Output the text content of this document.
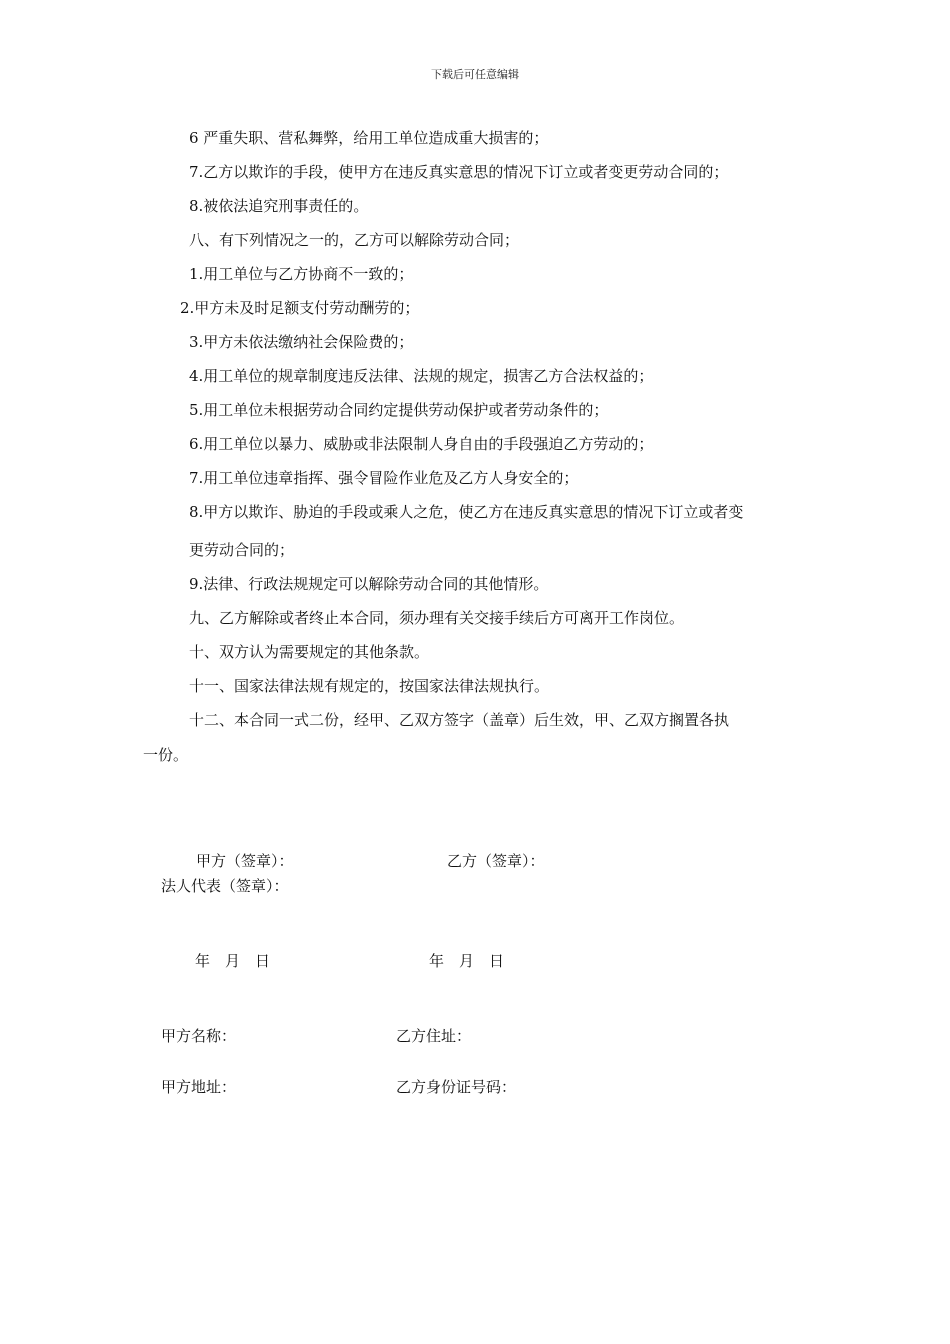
下载后可任意编辑
6 严重失职、营私舞弊，给用工单位造成重大损害的；
7.乙方以欺诈的手段，使甲方在违反真实意思的情况下订立或者变更劳动合同的；
8.被依法追究刑事责任的。
八、有下列情况之一的，乙方可以解除劳动合同；
1.用工单位与乙方协商不一致的；
2.甲方未及时足额支付劳动酬劳的；
3.甲方未依法缴纳社会保险费的；
4.用工单位的规章制度违反法律、法规的规定，损害乙方合法权益的；
5.用工单位未根据劳动合同约定提供劳动保护或者劳动条件的；
6.用工单位以暴力、威胁或非法限制人身自由的手段强迫乙方劳动的；
7.用工单位违章指挥、强令冒险作业危及乙方人身安全的；
8.甲方以欺诈、胁迫的手段或乘人之危，使乙方在违反真实意思的情况下订立或者变
更劳动合同的；
9.法律、行政法规规定可以解除劳动合同的其他情形。
九、乙方解除或者终止本合同，须办理有关交接手续后方可离开工作岗位。
十、双方认为需要规定的其他条款。
十一、国家法律法规有规定的，按国家法律法规执行。
十二、本合同一式二份，经甲、乙双方签字（盖章）后生效，甲、乙双方搁置各执
一份。
甲方（签章）：	乙方（签章）：
法人代表（签章）：
年　月　日	年　月　日
甲方名称：	乙方住址：
甲方地址：	乙方身份证号码：
